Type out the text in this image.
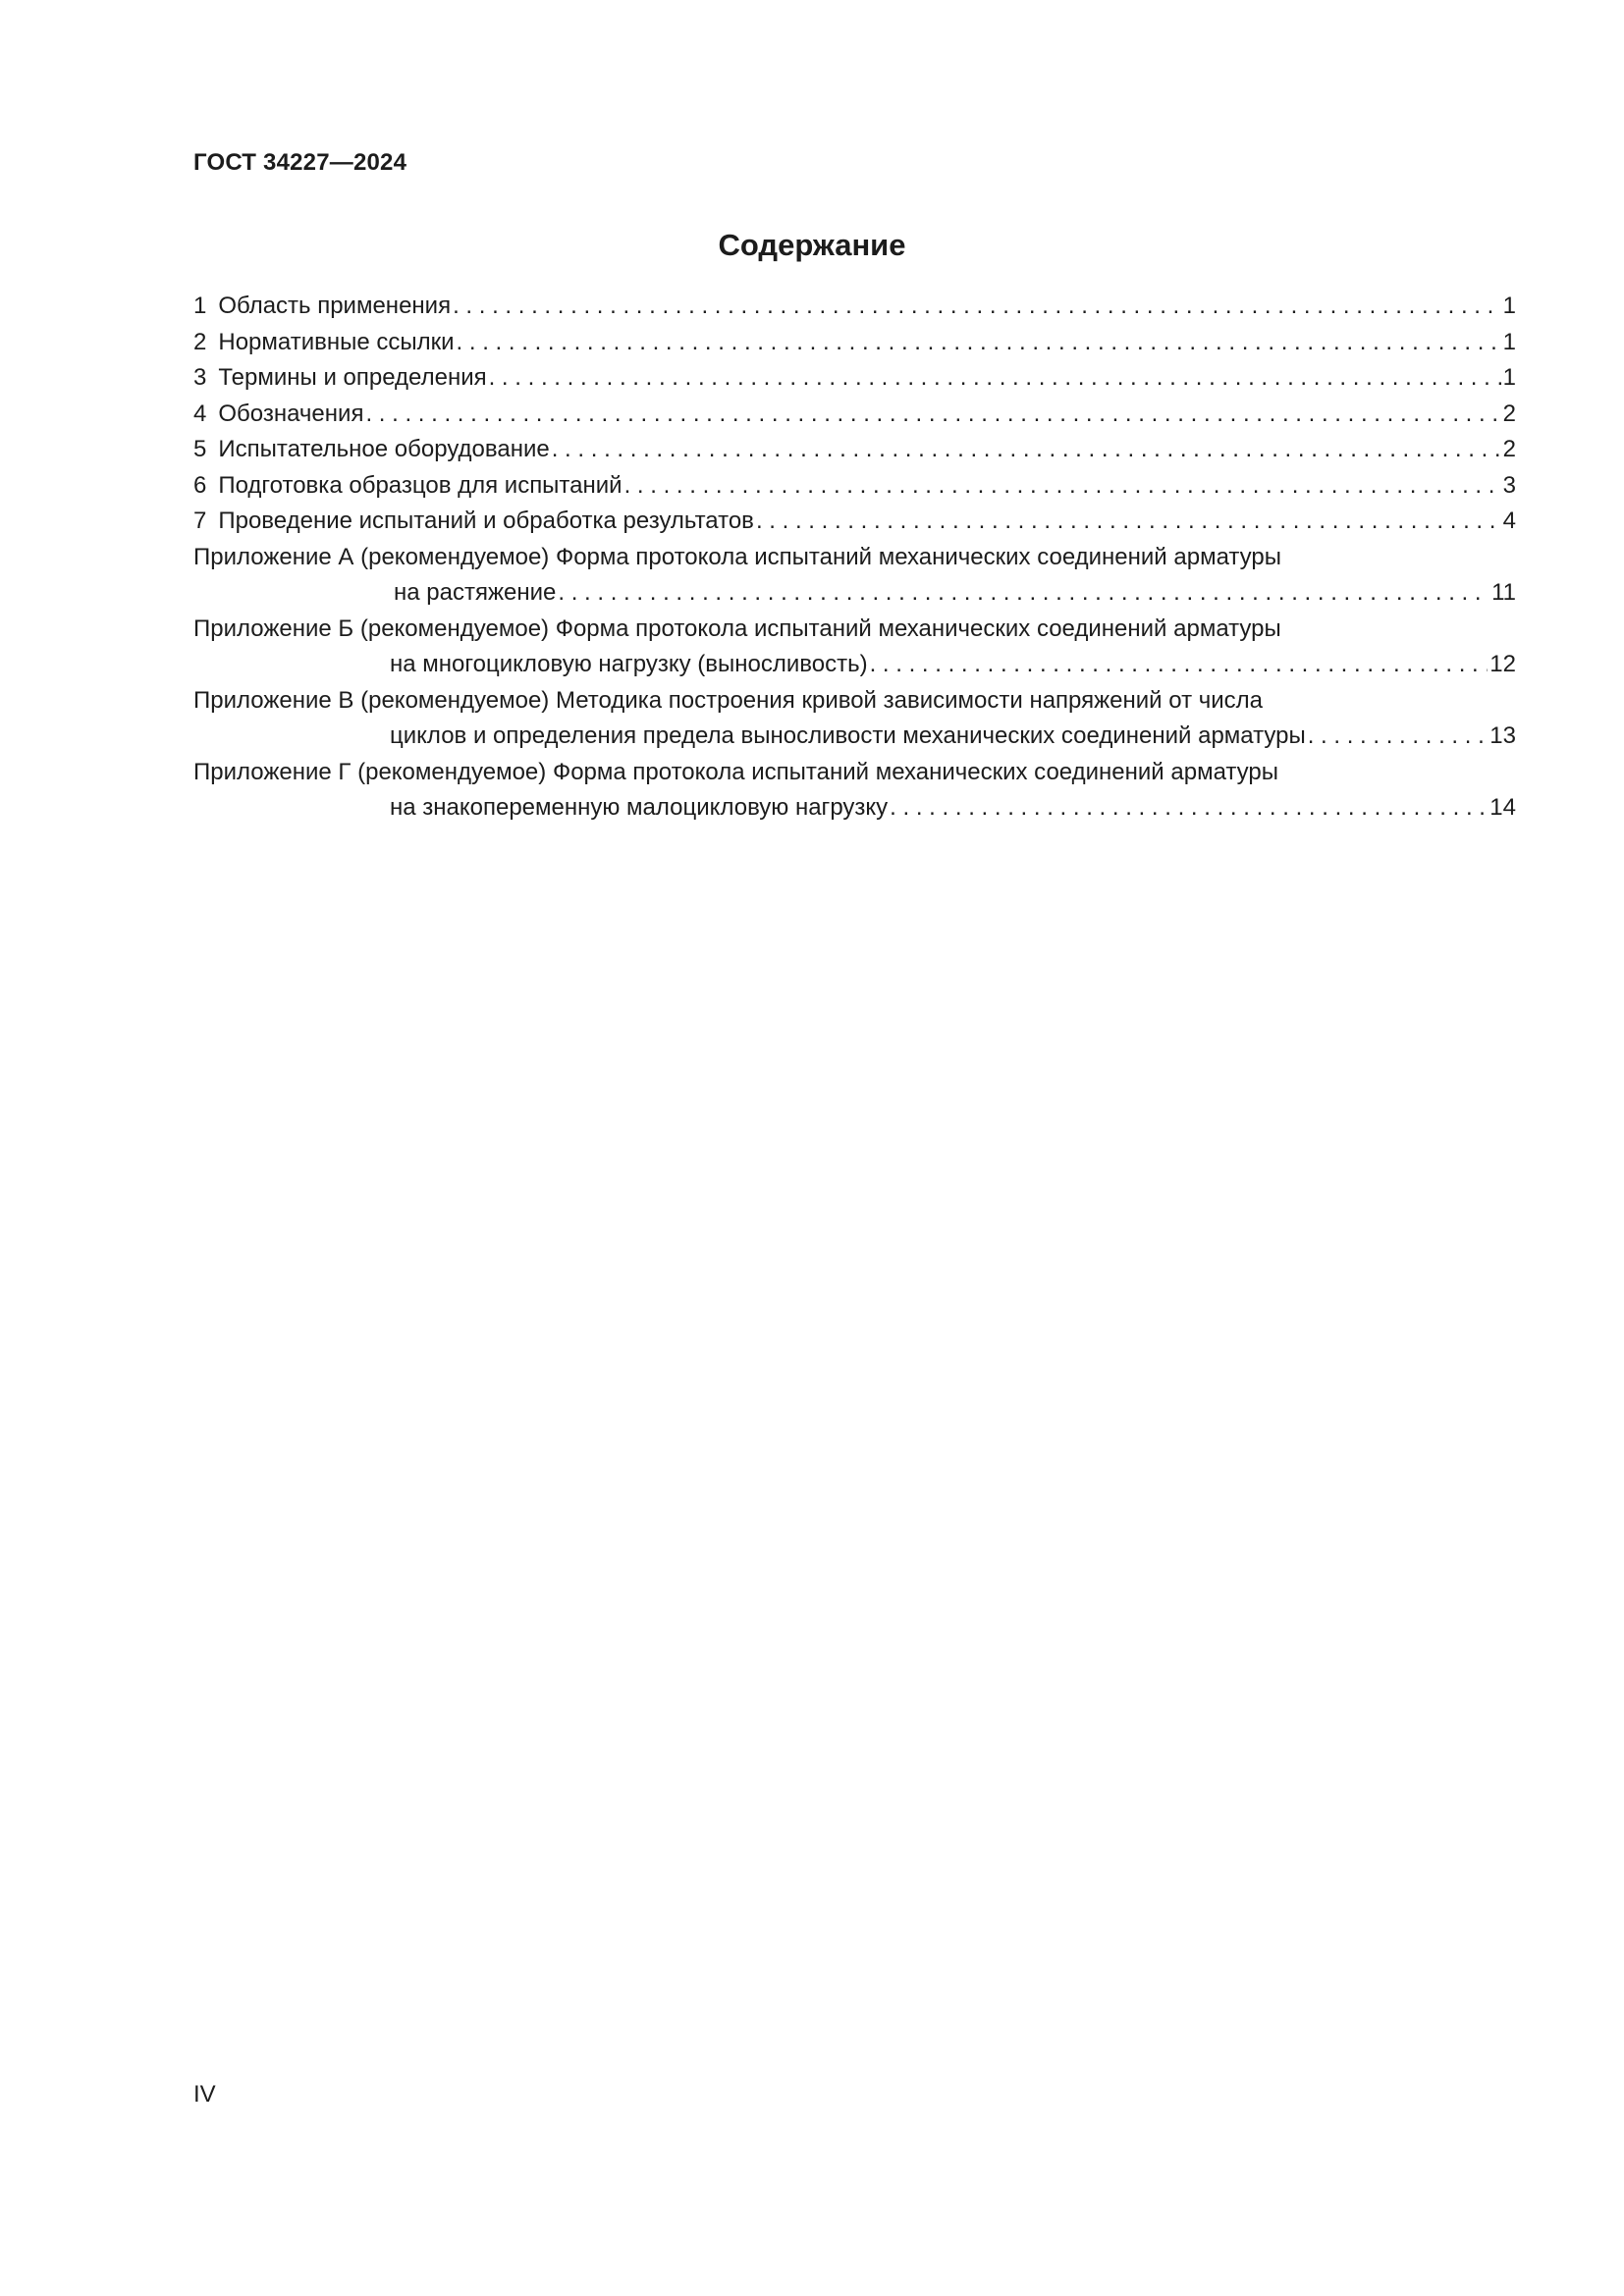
ГОСТ 34227—2024
Содержание
1 Область применения . . .	1
2 Нормативные ссылки . . .	1
3 Термины и определения . . .	1
4 Обозначения . . .	2
5 Испытательное оборудование . . .	2
6 Подготовка образцов для испытаний . . .	3
7 Проведение испытаний и обработка результатов . . .	4
Приложение А (рекомендуемое) Форма протокола испытаний механических соединений арматуры
на растяжение . . .	11
Приложение Б (рекомендуемое) Форма протокола испытаний механических соединений арматуры
на многоцикловую нагрузку (выносливость) . . .	12
Приложение В (рекомендуемое) Методика построения кривой зависимости напряжений от числа
циклов и определения предела выносливости механических соединений арматуры . . .	13
Приложение Г (рекомендуемое) Форма протокола испытаний механических соединений арматуры
на знакопеременную малоцикловую нагрузку . . .	14
IV
